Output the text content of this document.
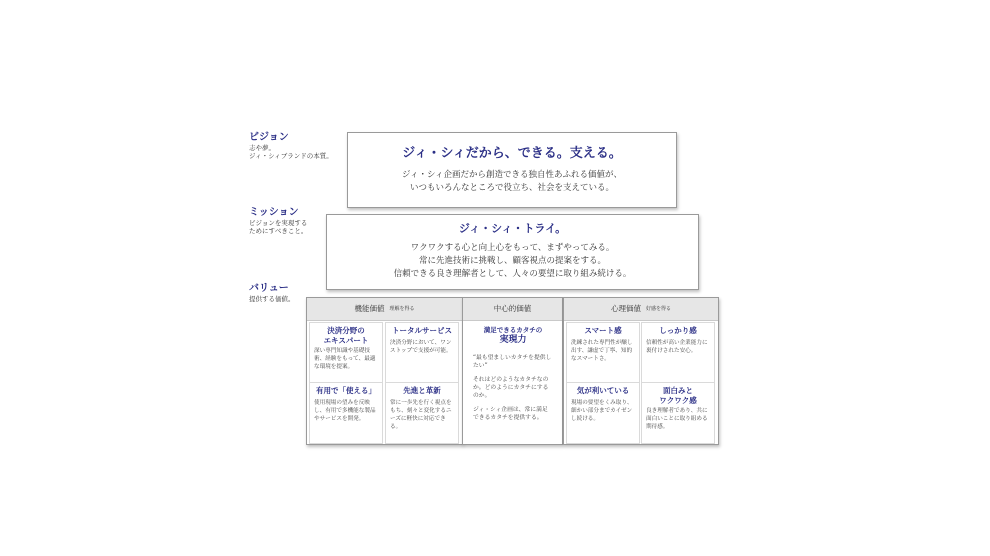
ビジョン
志や夢。
ジィ・シィブランドの本質。
ミッション
ビジョンを実現する
ためにすべきこと。
バリュー
提供する価値。
ジィ・シィだから、できる。支える。
ジィ・シィ企画だから創造できる独自性あふれる価値が、
いつもいろんなところで役立ち、社会を支えている。
ジィ・シィ・トライ。
ワクワクする心と向上心をもって、まずやってみる。
常に先進技術に挑戦し、顧客視点の提案をする。
信頼できる良き理解者として、人々の要望に取り組み続ける。
機能価値 理解を得る
決済分野の
エキスパート
深い専門知識や基礎技術、経験をもって、最適な環境を提案。
トータルサービス
決済分野において、ワンストップで支援が可能。
有用で「使える」
使用現場の望みを反映し、有用で多機能な製品やサービスを開発。
先進と革新
常に一歩先を行く視点をもち、刻々と変化するニーズに軽快に対応できる。
中心的価値
満足できるカタチの
実現力
“最も望ましいカタチを提供したい”
それはどのようなカタチなのか。どのようにカタチにするのか。
ジィ・シィ企画は、常に満足できるカタチを提供する。
心理価値 好感を得る
スマート感
洗練された専門性が醸し出す、謙虚で丁寧、知的なスマートさ。
しっかり感
信頼性が高い企業能力に裏付けされた安心。
気が利いている
現場の要望をくみ取り、細かい部分までカイゼンし続ける。
面白みと
ワクワク感
良き理解者であり、共に面白いことに取り組める期待感。
